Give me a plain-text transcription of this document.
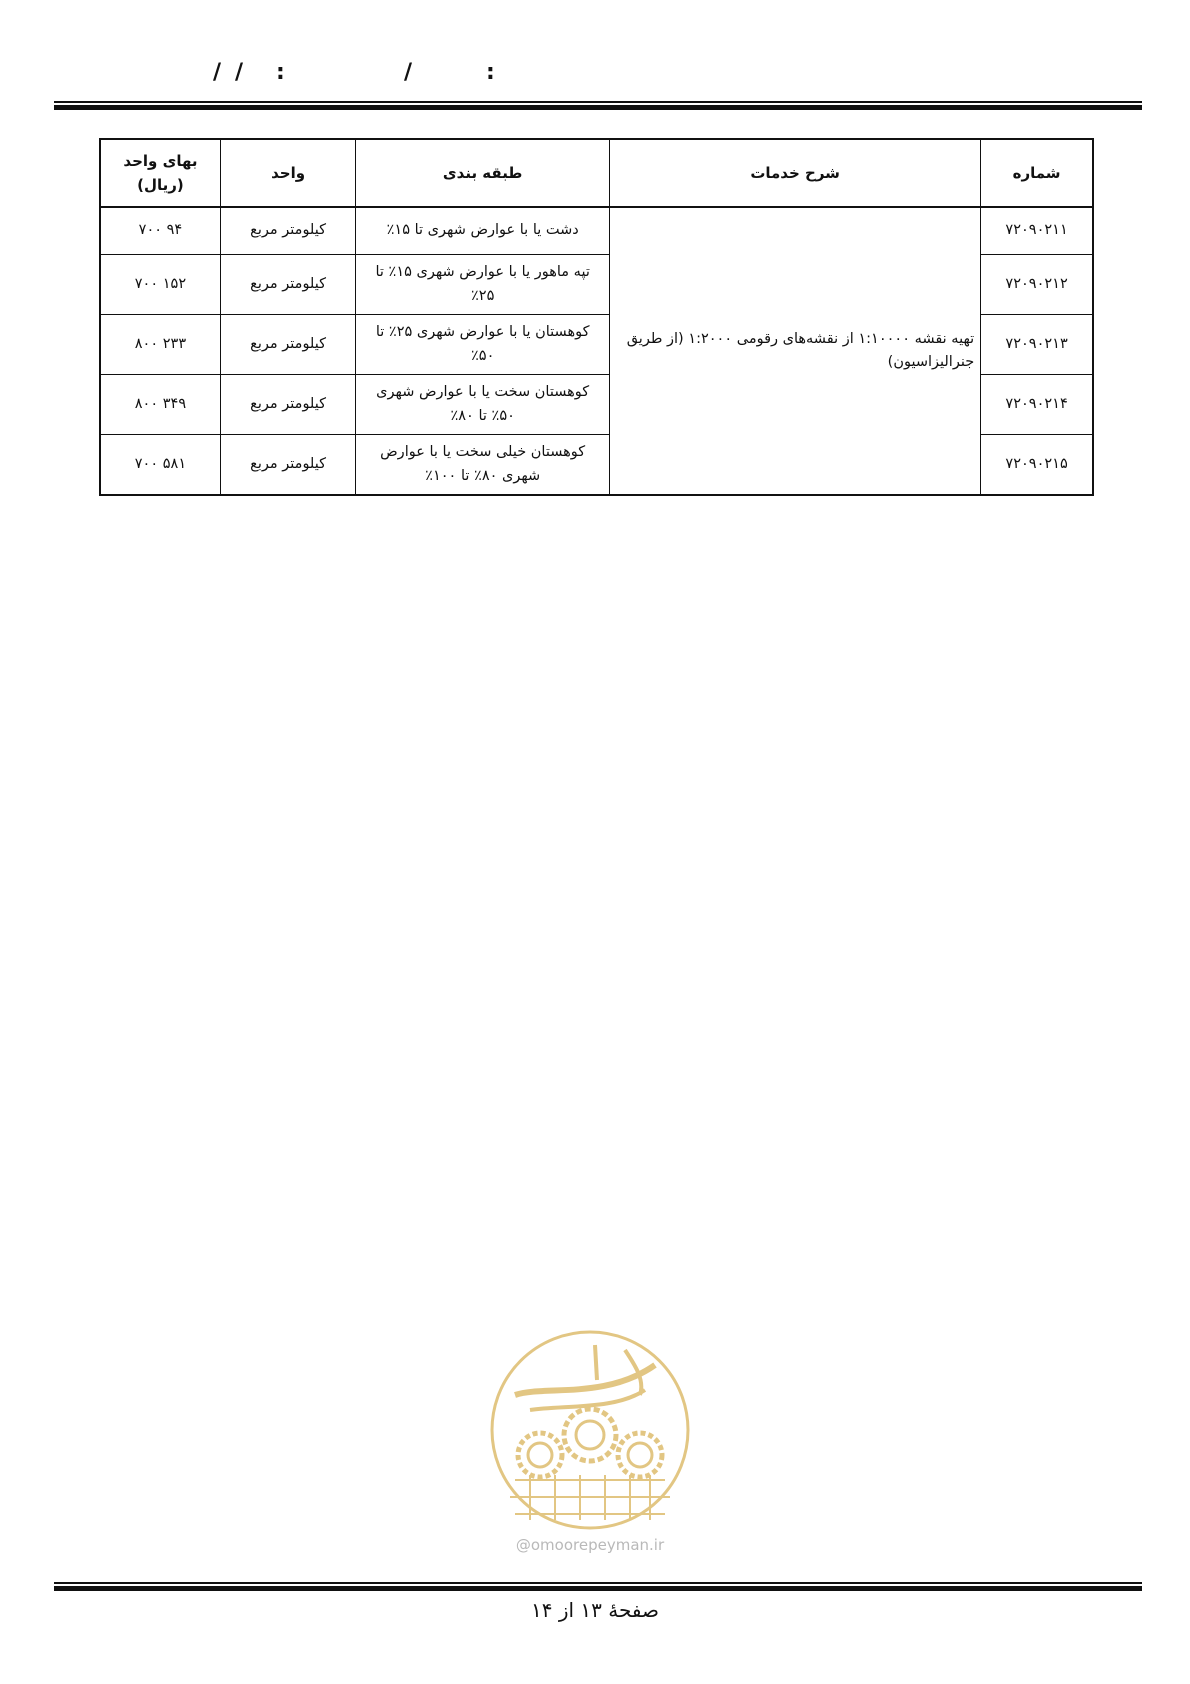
/ / :	/	:
شماره	شرح خدمات	طبقه بندی	واحد	بهای واحد (ریال)
۷۲۰۹۰۲۱۱	تهیه نقشه ۱:۱۰۰۰۰ از نقشه‌های رقومی ۱:۲۰۰۰ (از طریق جنرالیزاسیون)	دشت یا با عوارض شهری تا ۱۵٪	کیلومتر مربع	۹۴ ۷۰۰
۷۲۰۹۰۲۱۲		تپه ماهور یا با عوارض شهری ۱۵٪ تا ۲۵٪	کیلومتر مربع	۱۵۲ ۷۰۰
۷۲۰۹۰۲۱۳		کوهستان یا با عوارض شهری ۲۵٪ تا ۵۰٪	کیلومتر مربع	۲۳۳ ۸۰۰
۷۲۰۹۰۲۱۴		کوهستان سخت یا با عوارض شهری ۵۰٪ تا ۸۰٪	کیلومتر مربع	۳۴۹ ۸۰۰
۷۲۰۹۰۲۱۵		کوهستان خیلی سخت یا با عوارض شهری ۸۰٪ تا ۱۰۰٪	کیلومتر مربع	۵۸۱ ۷۰۰
@omoorepeyman.ir
صفحهٔ ۱۳ از ۱۴
